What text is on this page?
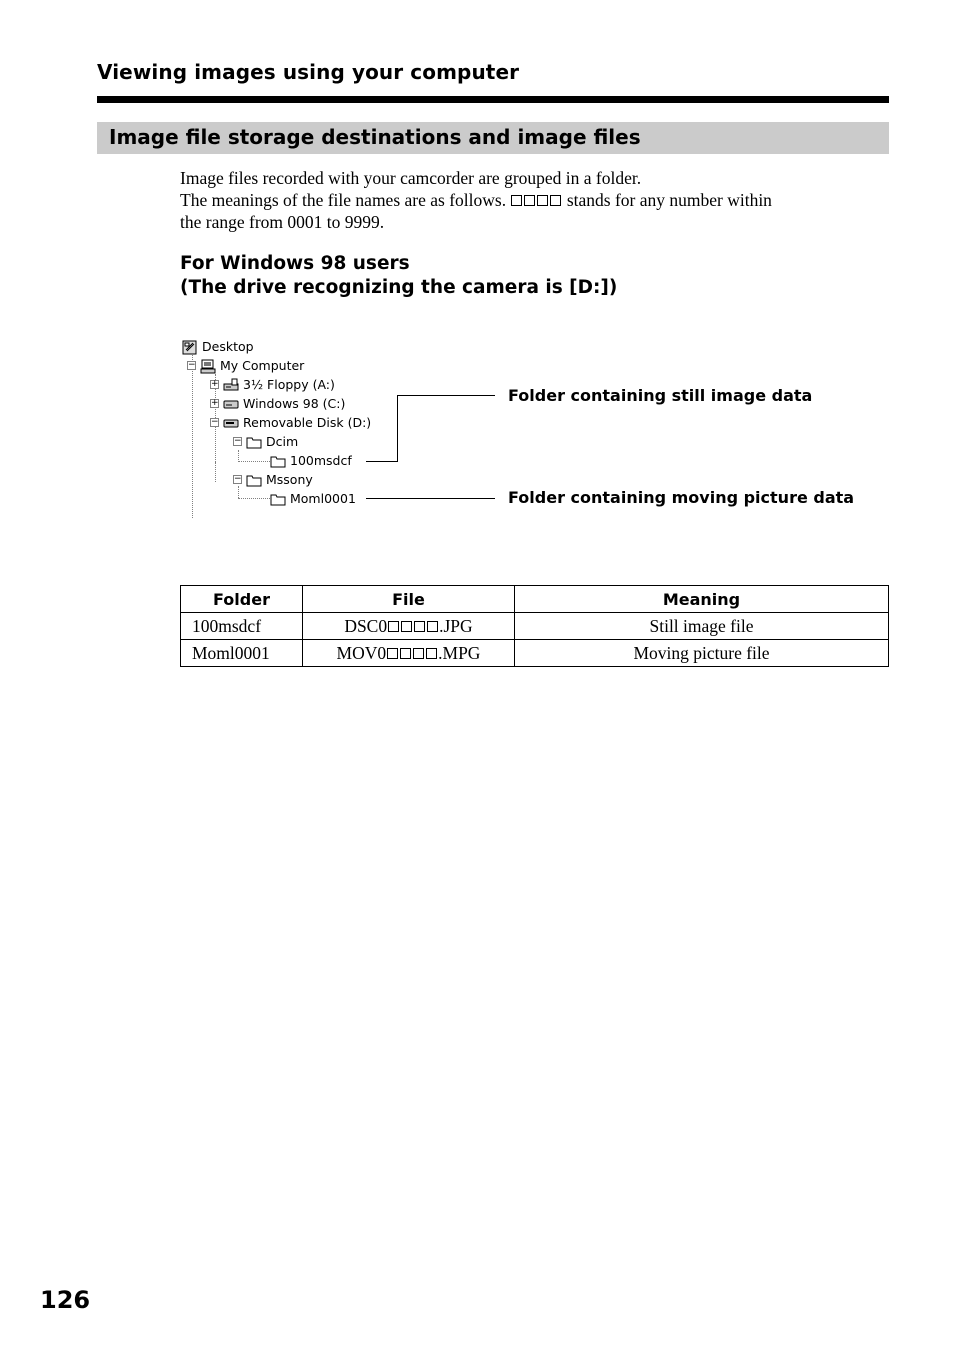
Viewing images using your computer
Image file storage destinations and image files

Image files recorded with your camcorder are grouped in a folder.

The meanings of the file names are as follows.	stands for any number within

the range from 0001 to 9999.

For Windows 98 users
(The drive recognizing the camera is [D:])
Desktop
− My Computer
+ 3½ Floppy (A:)
+ Windows 98 (C:)
− Removable Disk (D:)
− Dcim
100msdcf
− Mssony
Moml0001
Folder containing still image data
Folder containing moving picture data
Folder	File	Meaning
100msdcf	DSC0 .JPG	Still image file
Moml0001	MOV0 .MPG	Moving picture file
126
